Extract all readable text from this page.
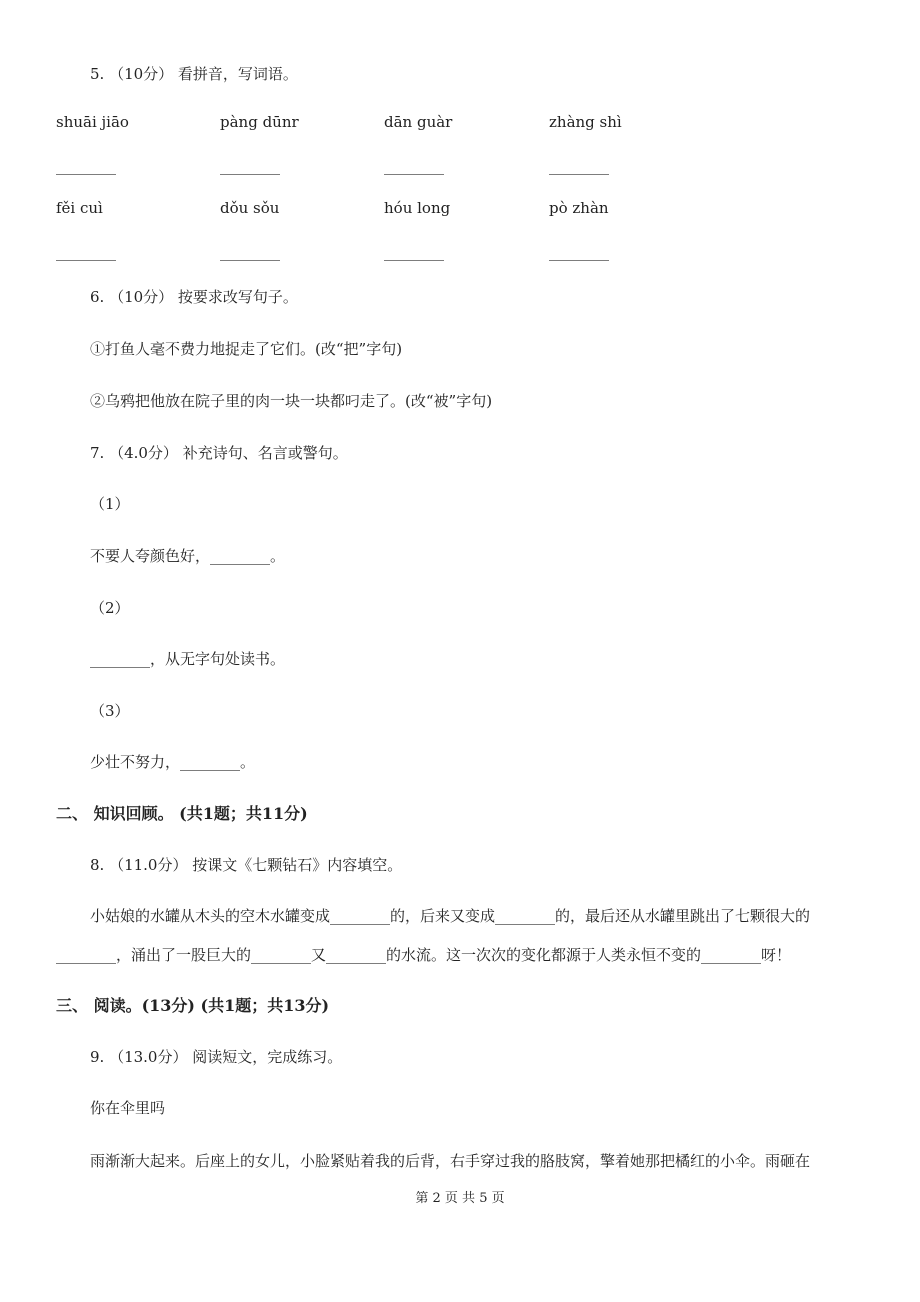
5. （10分） 看拼音，写词语。
shuāi jiāo	pàng dūnr	dān guàr	zhàng shì
________	________	________	________
fěi cuì	dǒu sǒu	hóu long	pò zhàn
________	________	________	________
6. （10分） 按要求改写句子。
①打鱼人毫不费力地捉走了它们。(改“把”字句)
②乌鸦把他放在院子里的肉一块一块都叼走了。(改“被”字句)
7. （4.0分） 补充诗句、名言或警句。
（1）
不要人夸颜色好，________。
（2）
________，从无字句处读书。
（3）
少壮不努力，________。
二、 知识回顾。 (共1题；共11分)
8. （11.0分） 按课文《七颗钻石》内容填空。
小姑娘的水罐从木头的空木水罐变成________的，后来又变成________的，最后还从水罐里跳出了七颗很大的
________，涌出了一股巨大的________又________的水流。这一次次的变化都源于人类永恒不变的________呀！
三、 阅读。(13分) (共1题；共13分)
9. （13.0分） 阅读短文，完成练习。
你在伞里吗
雨渐渐大起来。后座上的女儿，小脸紧贴着我的后背，右手穿过我的胳肢窝，擎着她那把橘红的小伞。雨砸在
第 2 页 共 5 页
